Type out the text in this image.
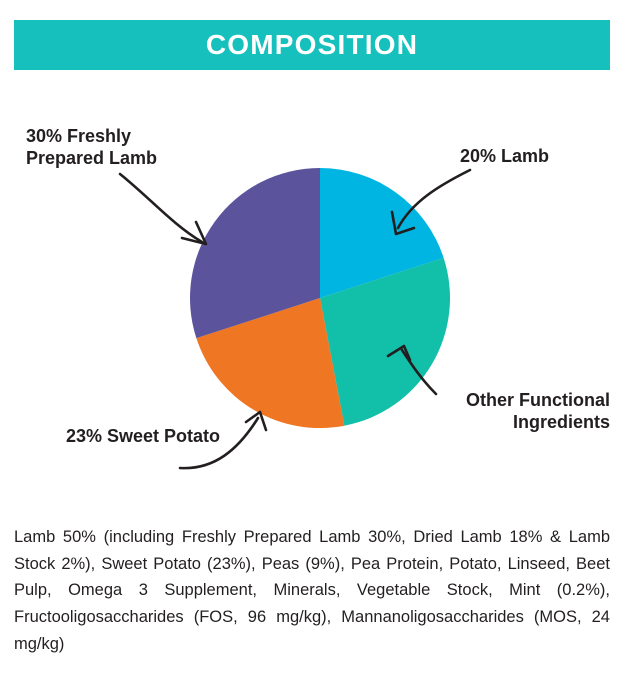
COMPOSITION
30% Freshly Prepared Lamb	20% Lamb
Other Functional Ingredients
23% Sweet Potato
Lamb 50% (including Freshly Prepared Lamb 30%, Dried Lamb 18% & Lamb Stock 2%), Sweet Potato (23%), Peas (9%), Pea Protein, Potato, Linseed, Beet Pulp, Omega 3 Supplement, Minerals, Vegetable Stock, Mint (0.2%), Fructooligosaccharides (FOS, 96 mg/kg), Mannanoligosaccharides (MOS, 24 mg/kg)
